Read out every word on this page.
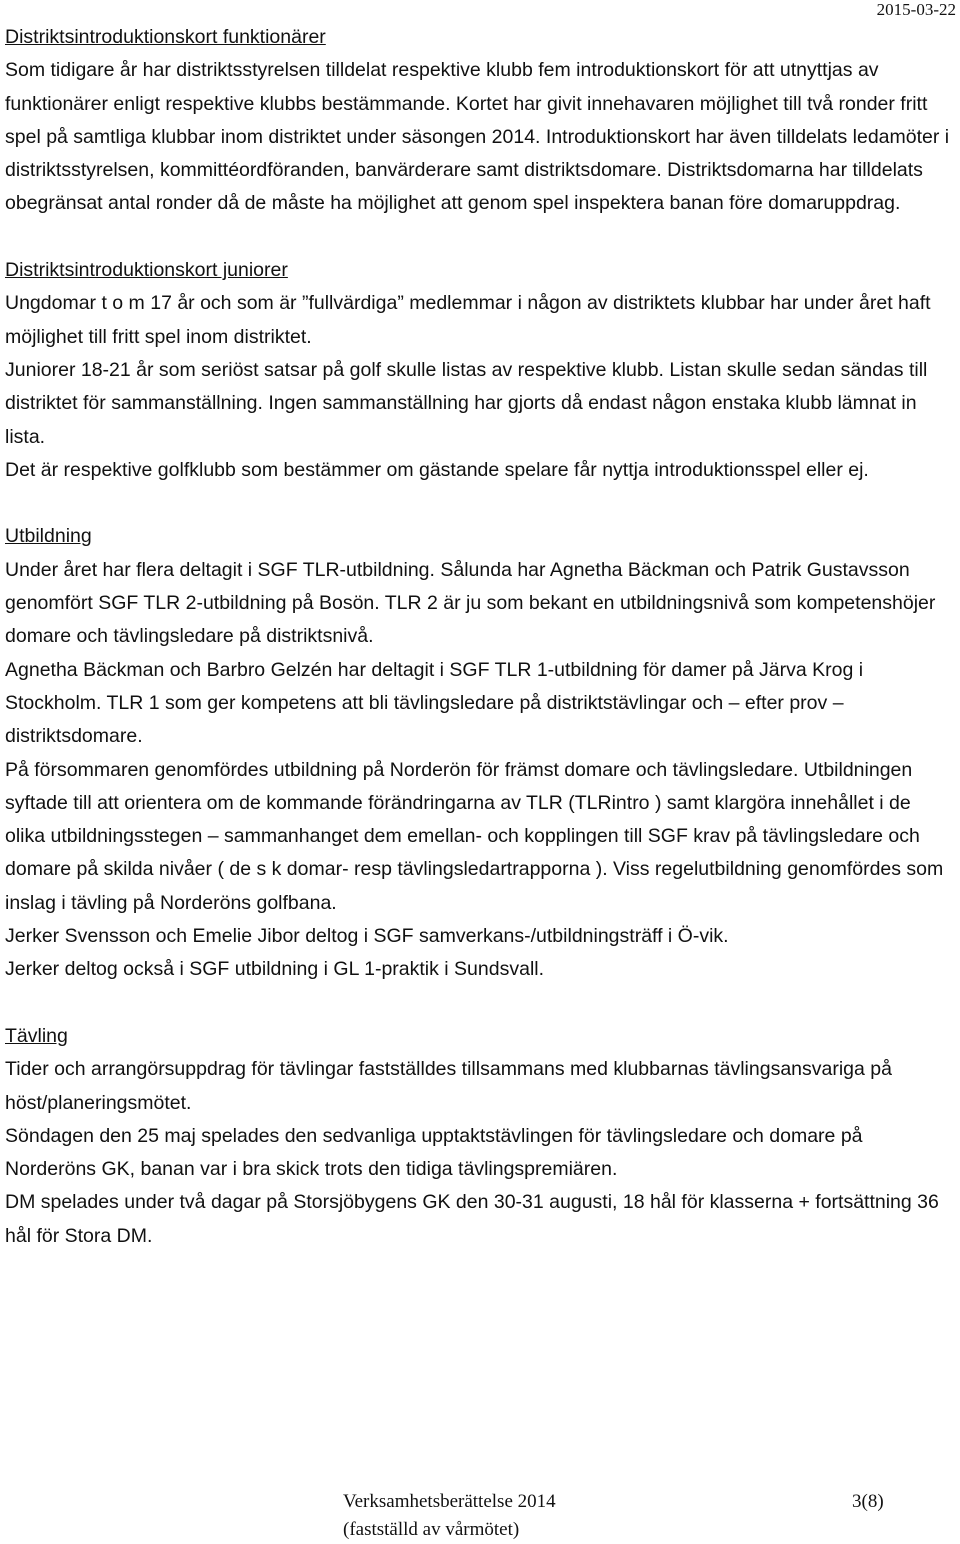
2015-03-22
Distriktsintroduktionskort funktionärer

Som tidigare år har distriktsstyrelsen tilldelat respektive klubb fem introduktionskort för att utnyttjas av funktionärer enligt respektive klubbs bestämmande. Kortet har givit innehavaren möjlighet till två ronder fritt spel på samtliga klubbar inom distriktet under säsongen 2014. Introduktionskort har även tilldelats ledamöter i distriktsstyrelsen, kommittéordföranden, banvärderare samt distriktsdomare. Distriktsdomarna har tilldelats obegränsat antal ronder då de måste ha möjlighet att genom spel inspektera banan före domaruppdrag.

Distriktsintroduktionskort juniorer

Ungdomar t o m 17 år och som är ”fullvärdiga” medlemmar i någon av distriktets klubbar har under året haft möjlighet till fritt spel inom distriktet.

Juniorer 18-21 år som seriöst satsar på golf skulle listas av respektive klubb. Listan skulle sedan sändas till distriktet för sammanställning. Ingen sammanställning har gjorts då endast någon enstaka klubb lämnat in lista.

Det är respektive golfklubb som bestämmer om gästande spelare får nyttja introduktionsspel eller ej.

Utbildning

Under året har flera deltagit i SGF TLR-utbildning. Sålunda har Agnetha Bäckman och Patrik Gustavsson genomfört SGF TLR 2-utbildning på Bosön. TLR 2 är ju som bekant en utbildningsnivå som kompetenshöjer domare och tävlingsledare på distriktsnivå.

Agnetha Bäckman och Barbro Gelzén har deltagit i SGF TLR 1-utbildning för damer på Järva Krog i Stockholm. TLR 1 som ger kompetens att bli tävlingsledare på distriktstävlingar och – efter prov – distriktsdomare.

På försommaren genomfördes utbildning på Norderön för främst domare och tävlingsledare. Utbildningen syftade till att orientera om de kommande förändringarna av TLR (TLRintro ) samt klargöra innehållet i de olika utbildningsstegen – sammanhanget dem emellan- och kopplingen till SGF krav på tävlingsledare och domare på skilda nivåer ( de s k domar- resp tävlingsledartrapporna ). Viss regelutbildning genomfördes som inslag i tävling på Norderöns golfbana.

Jerker Svensson och Emelie Jibor deltog i SGF samverkans-/utbildningsträff i Ö-vik.

Jerker deltog också i SGF utbildning i GL 1-praktik i Sundsvall.

Tävling

Tider och arrangörsuppdrag för tävlingar fastställdes tillsammans med klubbarnas tävlingsansvariga på höst/planeringsmötet.

Söndagen den 25 maj spelades den sedvanliga upptaktstävlingen för tävlingsledare och domare på Norderöns GK, banan var i bra skick trots den tidiga tävlingspremiären.

DM spelades under två dagar på Storsjöbygens GK den 30-31 augusti, 18 hål för klasserna + fortsättning 36 hål för Stora DM.

Verksamhetsberättelse 2014	3(8)
(fastställd av vårmötet)
